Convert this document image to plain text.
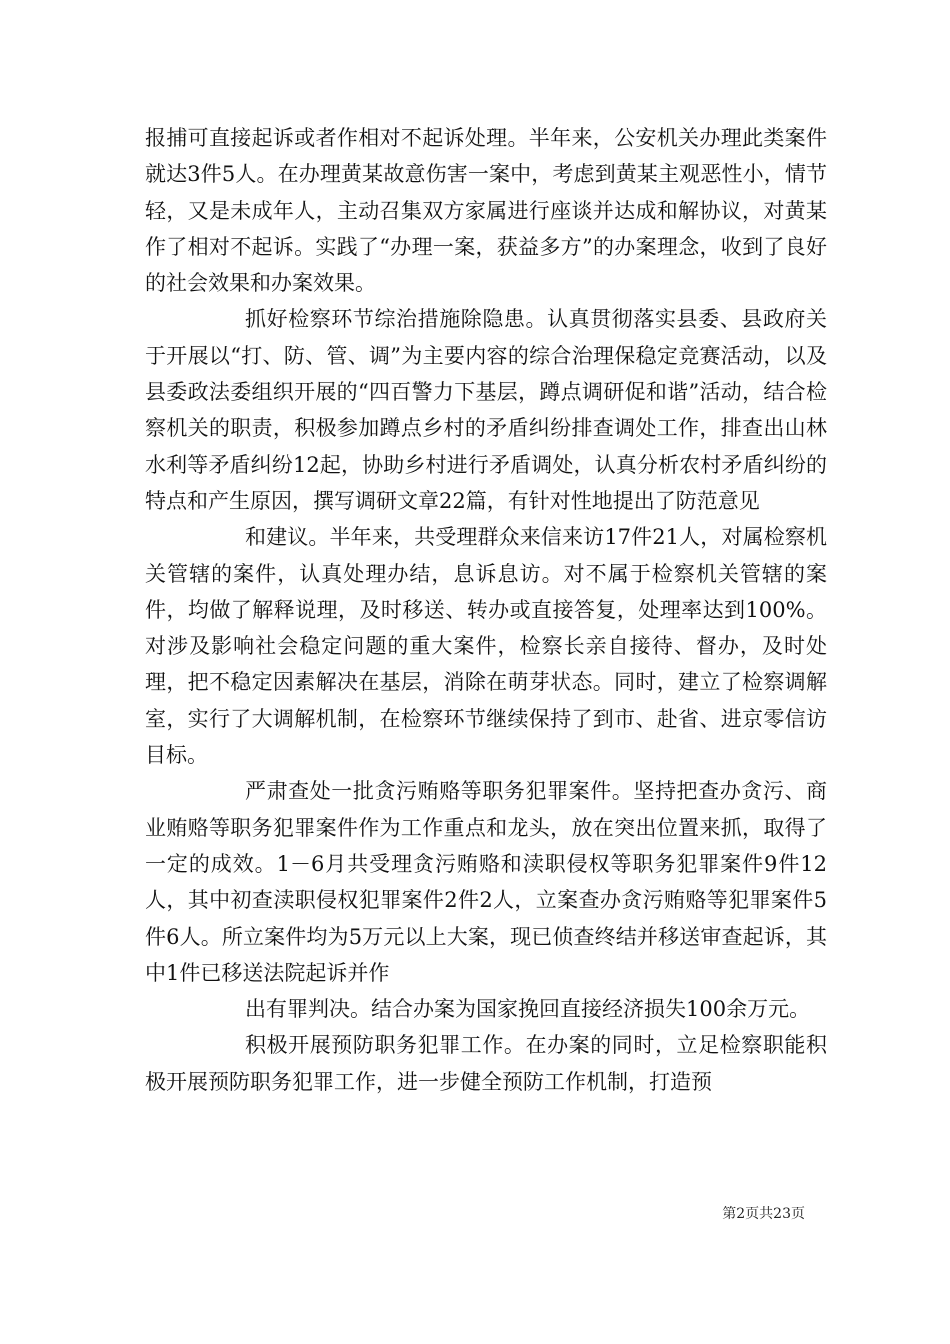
报捕可直接起诉或者作相对不起诉处理。半年来，公安机关办理此类案件就达3件5人。在办理黄某故意伤害一案中，考虑到黄某主观恶性小，情节轻，又是未成年人，主动召集双方家属进行座谈并达成和解协议，对黄某作了相对不起诉。实践了“办理一案，获益多方”的办案理念，收到了良好的社会效果和办案效果。

抓好检察环节综治措施除隐患。认真贯彻落实县委、县政府关于开展以“打、防、管、调”为主要内容的综合治理保稳定竞赛活动，以及县委政法委组织开展的“四百警力下基层，蹲点调研促和谐”活动，结合检察机关的职责，积极参加蹲点乡村的矛盾纠纷排查调处工作，排查出山林水利等矛盾纠纷12起，协助乡村进行矛盾调处，认真分析农村矛盾纠纷的特点和产生原因，撰写调研文章22篇，有针对性地提出了防范意见

和建议。半年来，共受理群众来信来访17件21人，对属检察机关管辖的案件，认真处理办结，息诉息访。对不属于检察机关管辖的案件，均做了解释说理，及时移送、转办或直接答复，处理率达到100%。对涉及影响社会稳定问题的重大案件，检察长亲自接待、督办，及时处理，把不稳定因素解决在基层，消除在萌芽状态。同时，建立了检察调解室，实行了大调解机制，在检察环节继续保持了到市、赴省、进京零信访目标。

严肃查处一批贪污贿赂等职务犯罪案件。坚持把查办贪污、商业贿赂等职务犯罪案件作为工作重点和龙头，放在突出位置来抓，取得了一定的成效。1－6月共受理贪污贿赂和渎职侵权等职务犯罪案件9件12人，其中初查渎职侵权犯罪案件2件2人，立案查办贪污贿赂等犯罪案件5件6人。所立案件均为5万元以上大案，现已侦查终结并移送审查起诉，其中1件已移送法院起诉并作

出有罪判决。结合办案为国家挽回直接经济损失100余万元。

积极开展预防职务犯罪工作。在办案的同时，立足检察职能积极开展预防职务犯罪工作，进一步健全预防工作机制，打造预

第2页共23页
